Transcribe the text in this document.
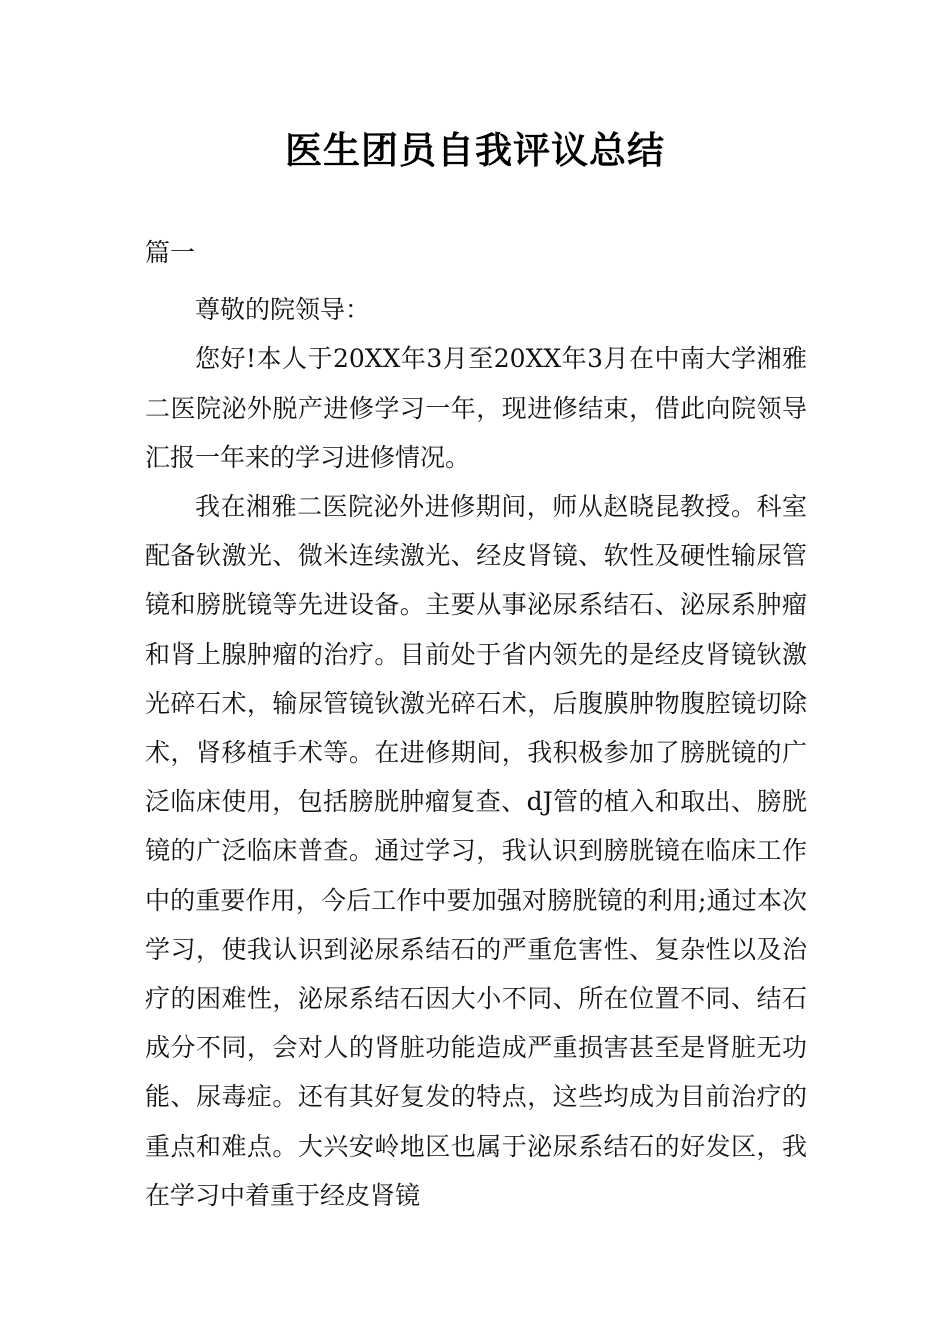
医生团员自我评议总结

篇一

尊敬的院领导：

您好!本人于20XX年3月至20XX年3月在中南大学湘雅二医院泌外脱产进修学习一年，现进修结束，借此向院领导汇报一年来的学习进修情况。

我在湘雅二医院泌外进修期间，师从赵晓昆教授。科室配备钬激光、微米连续激光、经皮肾镜、软性及硬性输尿管镜和膀胱镜等先进设备。主要从事泌尿系结石、泌尿系肿瘤和肾上腺肿瘤的治疗。目前处于省内领先的是经皮肾镜钬激光碎石术，输尿管镜钬激光碎石术，后腹膜肿物腹腔镜切除术，肾移植手术等。在进修期间，我积极参加了膀胱镜的广泛临床使用，包括膀胱肿瘤复查、dJ管的植入和取出、膀胱镜的广泛临床普查。通过学习，我认识到膀胱镜在临床工作中的重要作用，今后工作中要加强对膀胱镜的利用;通过本次学习，使我认识到泌尿系结石的严重危害性、复杂性以及治疗的困难性，泌尿系结石因大小不同、所在位置不同、结石成分不同，会对人的肾脏功能造成严重损害甚至是肾脏无功能、尿毒症。还有其好复发的特点，这些均成为目前治疗的重点和难点。大兴安岭地区也属于泌尿系结石的好发区，我在学习中着重于经皮肾镜
